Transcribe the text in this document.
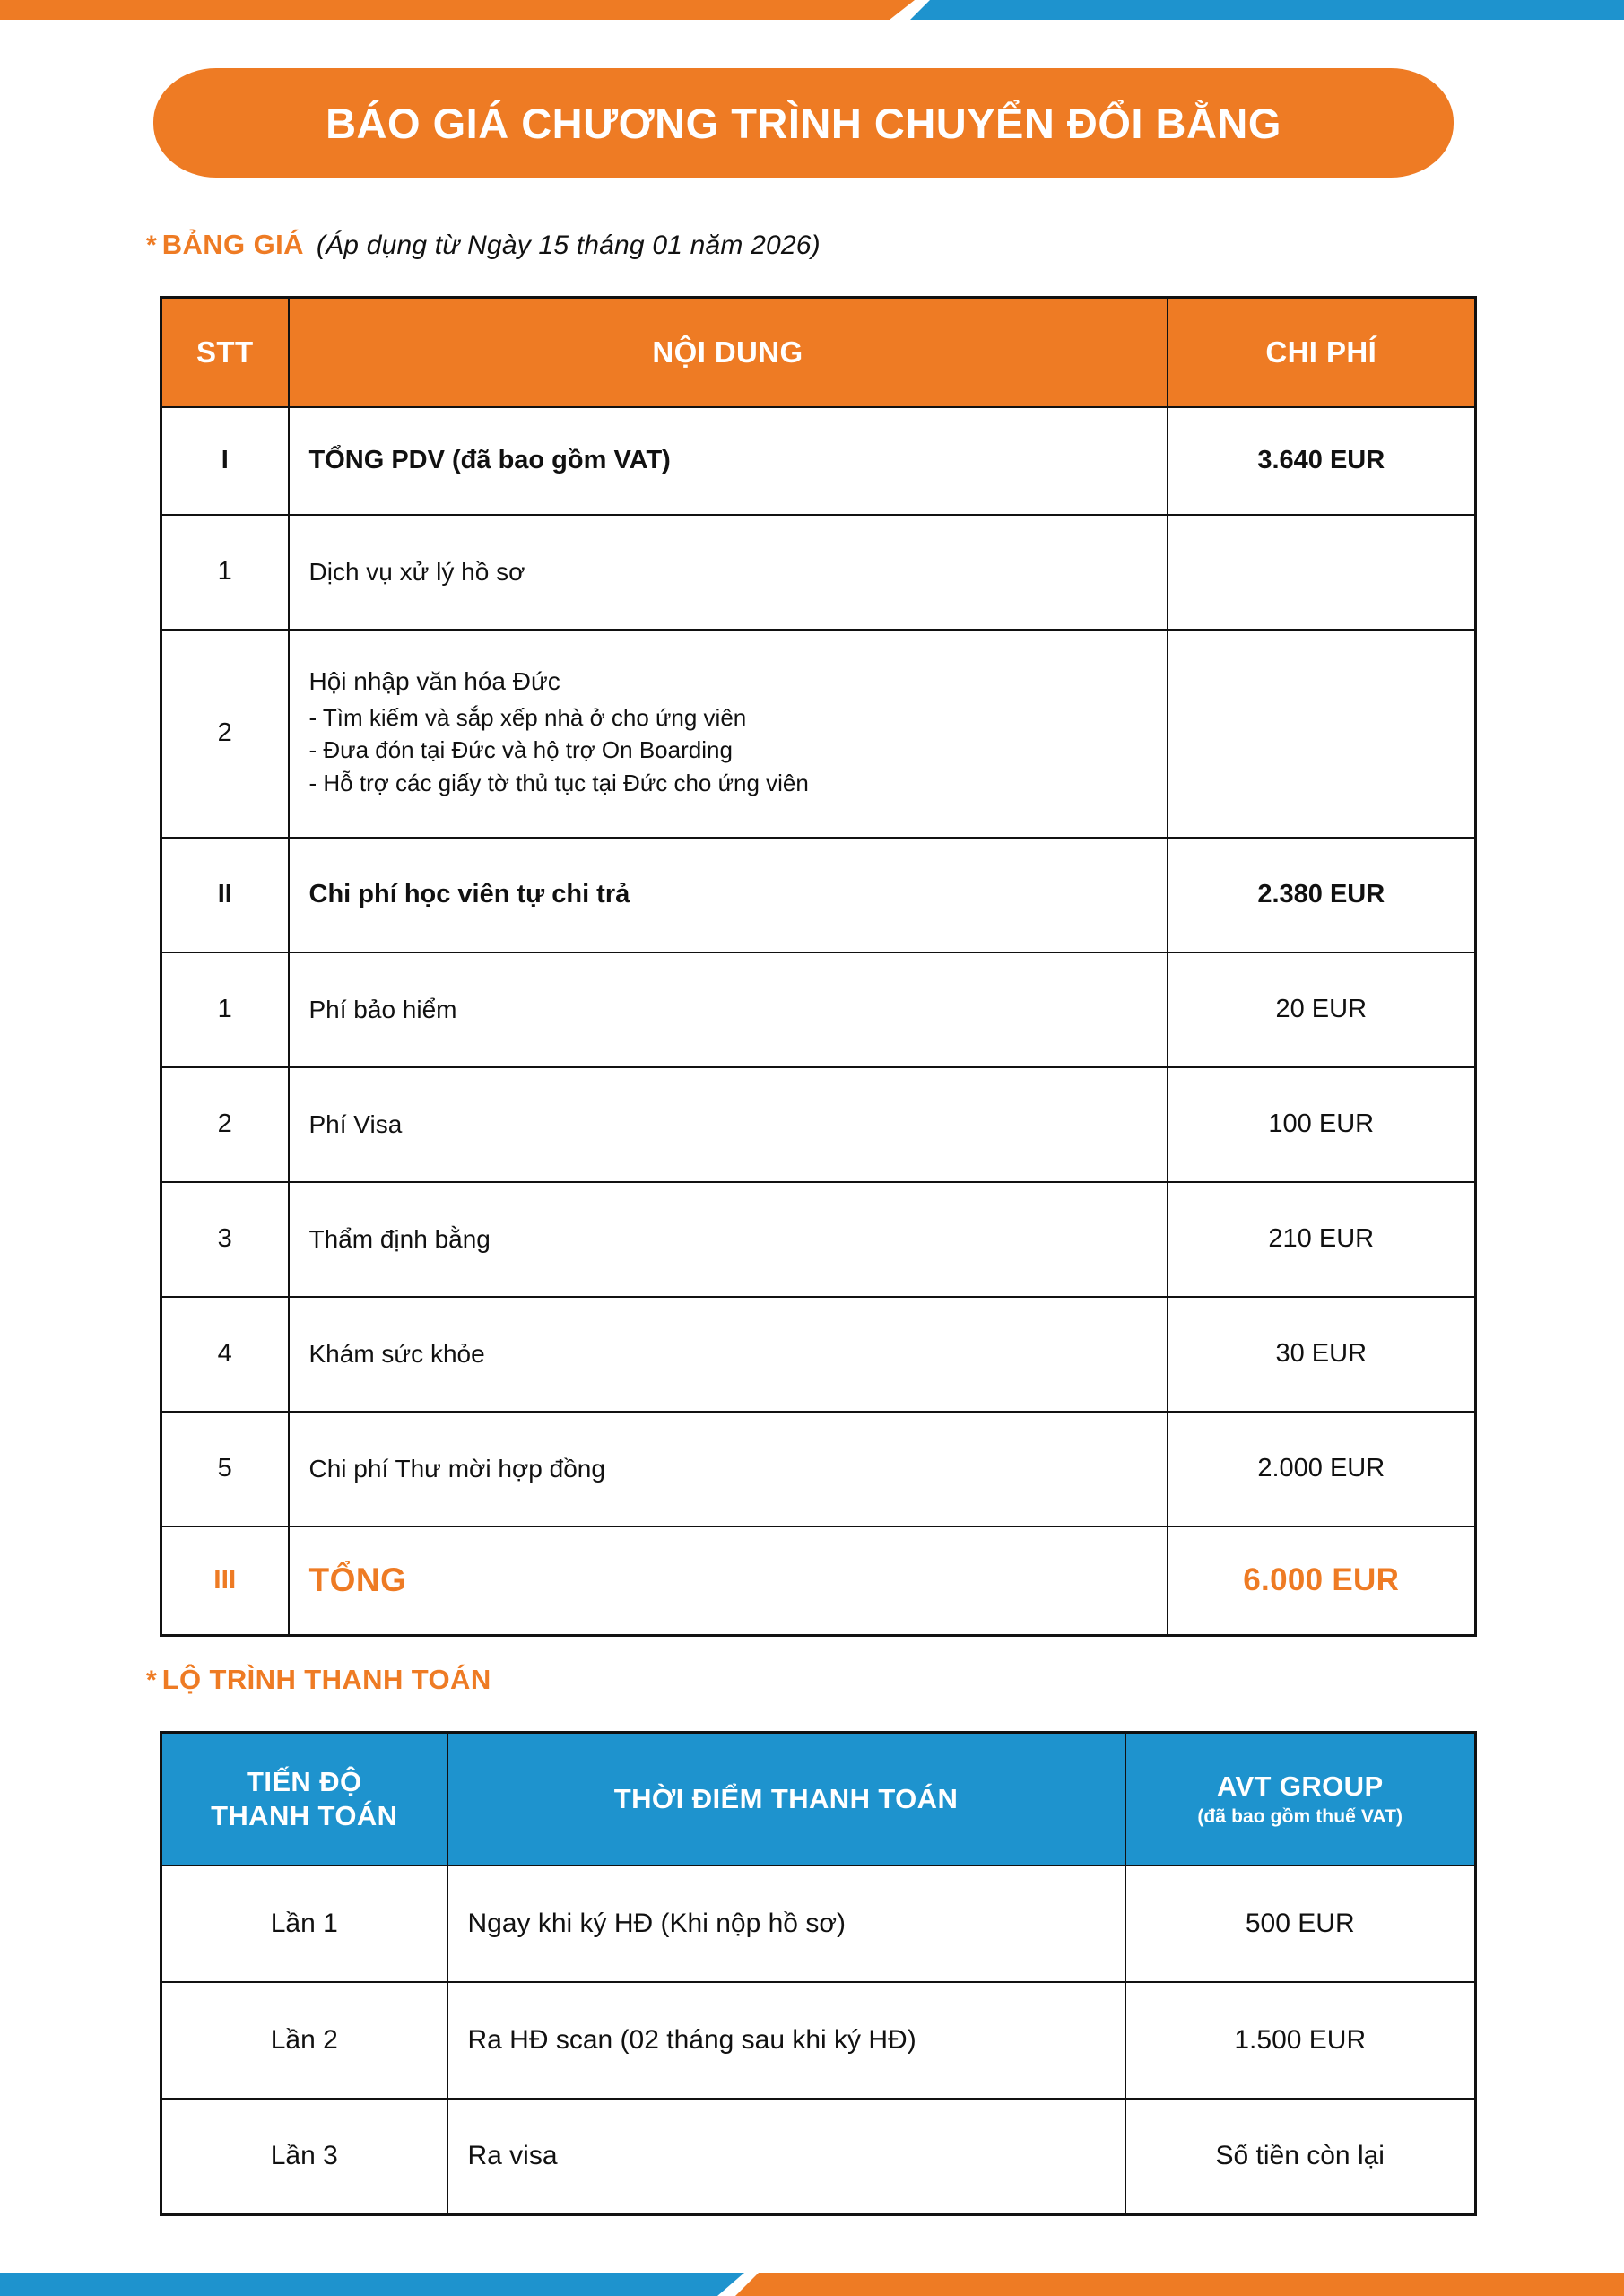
BÁO GIÁ CHƯƠNG TRÌNH CHUYỂN ĐỔI BẰNG
* BẢNG GIÁ (Áp dụng từ Ngày 15 tháng 01 năm 2026)
STT	NỘI DUNG	CHI PHÍ
I	TỔNG PDV (đã bao gồm VAT)	3.640 EUR
1	Dịch vụ xử lý hồ sơ	

2	Hội nhập văn hóa Đức
- Tìm kiếm và sắp xếp nhà ở cho ứng viên
- Đưa đón tại Đức và hộ trợ On Boarding
- Hỗ trợ các giấy tờ thủ tục tại Đức cho ứng viên	

II	Chi phí học viên tự chi trả	2.380 EUR
1	Phí bảo hiểm	20 EUR
2	Phí Visa	100 EUR
3	Thẩm định bằng	210 EUR
4	Khám sức khỏe	30 EUR
5	Chi phí Thư mời hợp đồng	2.000 EUR
III	TỔNG	6.000 EUR
* LỘ TRÌNH THANH TOÁN
TIẾN ĐỘ
THANH TOÁN	THỜI ĐIỂM THANH TOÁN	AVT GROUP
(đã bao gồm thuế VAT)

Lần 1	Ngay khi ký HĐ (Khi nộp hồ sơ)	500 EUR
Lần 2	Ra HĐ scan (02 tháng sau khi ký HĐ)	1.500 EUR
Lần 3	Ra visa	Số tiền còn lại
